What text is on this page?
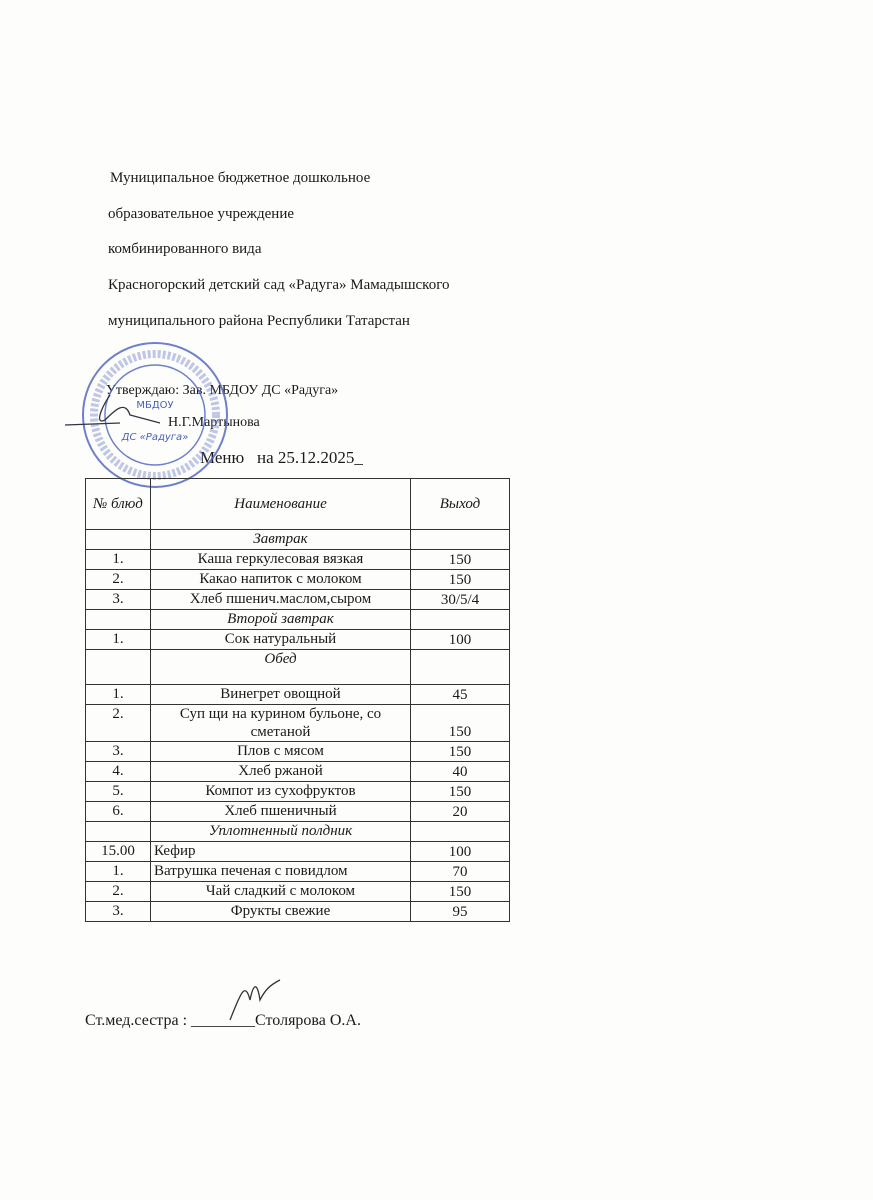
Муниципальное бюджетное дошкольное
образовательное учреждение
комбинированного вида
Красногорский детский сад «Радуга» Мамадышского
муниципального района Республики Татарстан
Утверждаю: Зав. МБДОУ ДС «Радуга»
Н.Г.Мартынова
Меню   на 25.12.2025_
МБДОУ
ДС «Радуга»
№ блюд	Наименование	Выход
	Завтрак	
1.	Каша геркулесовая вязкая	150
2.	Какао напиток с молоком	150
3.	Хлеб пшенич.маслом,сыром	30/5/4
	Второй завтрак	
1.	Сок натуральный	100
	Обед	
1.	Винегрет овощной	45
2.	Суп щи на курином бульоне, со сметаной	150
3.	Плов с мясом	150
4.	Хлеб ржаной	40
5.	Компот из сухофруктов	150
6.	Хлеб пшеничный	20
	Уплотненный полдник	
15.00	Кефир	100
1.	Ватрушка печеная с повидлом	70
2.	Чай сладкий с молоком	150
3.	Фрукты свежие	95
Ст.мед.сестра : ________Столярова О.А.
